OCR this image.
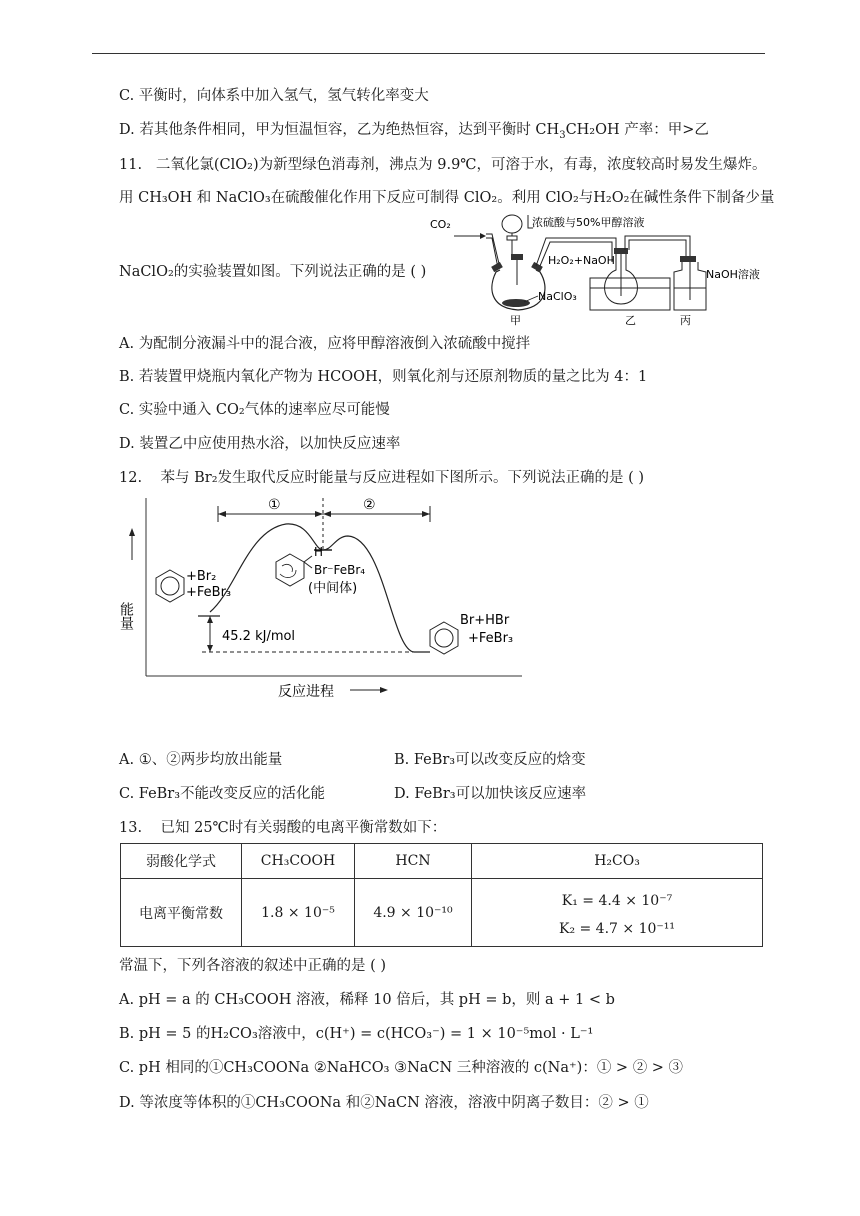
C. 平衡时，向体系中加入氢气，氢气转化率变大
D. 若其他条件相同，甲为恒温恒容，乙为绝热恒容，达到平衡时 $CH_3CH_2OH$ 产率：甲>乙
11. 二氧化氯(ClO₂)为新型绿色消毒剂，沸点为 9.9℃，可溶于水，有毒，浓度较高时易发生爆炸。
用 CH₃OH 和 NaClO₃在硫酸催化作用下反应可制得 ClO₂。利用 ClO₂与H₂O₂在碱性条件下制备少量
NaClO₂的实验装置如图。下列说法正确的是 ( )
CO₂	浓硫酸与50%甲醇溶液
NaClO₃
H₂O₂+NaOH
NaOH溶液
甲	乙	丙
A. 为配制分液漏斗中的混合液，应将甲醇溶液倒入浓硫酸中搅拌
B. 若装置甲烧瓶内氧化产物为 HCOOH，则氧化剂与还原剂物质的量之比为 4：1
C. 实验中通入 CO₂气体的速率应尽可能慢
D. 装置乙中应使用热水浴，以加快反应速率
12. 苯与 Br₂发生取代反应时能量与反应进程如下图所示。下列说法正确的是 ( )
①	②
45.2 kJ/mol
+Br₂
+FeBr₃
H
Br⁻FeBr₄
(中间体)
能量
反应进程
Br+HBr
+FeBr₃
A. ①、②两步均放出能量	B. FeBr₃可以改变反应的焓变
C. FeBr₃不能改变反应的活化能	D. FeBr₃可以加快该反应速率
13. 已知 25℃时有关弱酸的电离平衡常数如下：
弱酸化学式	CH₃COOH	HCN	H₂CO₃
电离平衡常数	1.8 × 10⁻⁵	4.9 × 10⁻¹⁰	K₁ = 4.4 × 10⁻⁷
K₂ = 4.7 × 10⁻¹¹
常温下，下列各溶液的叙述中正确的是 ( )
A. pH = a 的 CH₃COOH 溶液，稀释 10 倍后，其 pH = b，则 a + 1 < b
B. pH = 5 的H₂CO₃溶液中，c(H⁺) = c(HCO₃⁻) = 1 × 10⁻⁵mol · L⁻¹
C. pH 相同的①CH₃COONa ②NaHCO₃ ③NaCN 三种溶液的 c(Na⁺)：① > ② > ③
D. 等浓度等体积的①CH₃COONa 和②NaCN 溶液，溶液中阴离子数目：② > ①
